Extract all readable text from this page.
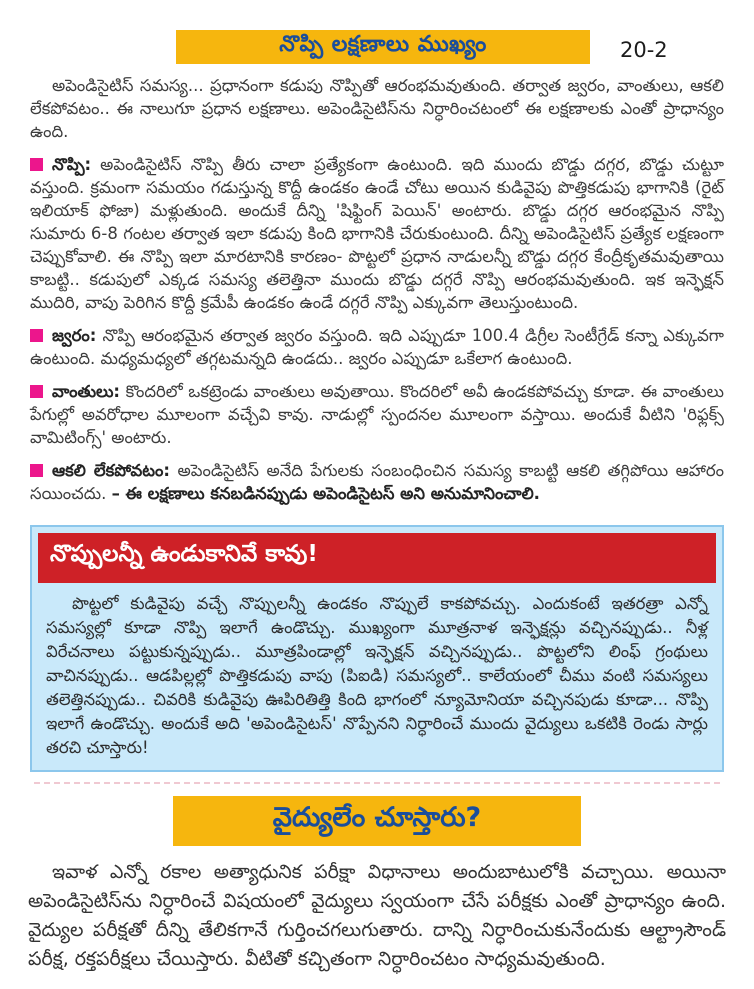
నొప్పి లక్షణాలు ముఖ్యం	20-2

అపెండిసైటిస్ సమస్య... ప్రధానంగా కడుపు నొప్పితో ఆరంభమవుతుంది. తర్వాత జ్వరం, వాంతులు, ఆకలి లేకపోవటం.. ఈ నాలుగూ ప్రధాన లక్షణాలు. అపెండిసైటిస్‌ను నిర్ధారించటంలో ఈ లక్షణాలకు ఎంతో ప్రాధాన్యం ఉంది.

నొప్పి: అపెండిసైటిస్ నొప్పి తీరు చాలా ప్రత్యేకంగా ఉంటుంది. ఇది ముందు బొడ్డు దగ్గర, బొడ్డు చుట్టూ వస్తుంది. క్రమంగా సమయం గడుస్తున్న కొద్దీ ఉండకం ఉండే చోటు అయిన కుడివైపు పొత్తికడుపు భాగానికి (రైట్ ఇలియాక్ ఫోజా) మళ్లుతుంది. అందుకే దీన్ని 'షిఫ్టింగ్ పెయిన్' అంటారు. బొడ్డు దగ్గర ఆరంభమైన నొప్పి సుమారు 6-8 గంటల తర్వాత ఇలా కడుపు కింది భాగానికి చేరుకుంటుంది. దీన్ని అపెండిసైటిస్ ప్రత్యేక లక్షణంగా చెప్పుకోవాలి. ఈ నొప్పి ఇలా మారటానికి కారణం- పొట్టలో ప్రధాన నాడులన్నీ బొడ్డు దగ్గర కేంద్రీకృతమవుతాయి కాబట్టి.. కడుపులో ఎక్కడ సమస్య తలెత్తినా ముందు బొడ్డు దగ్గరే నొప్పి ఆరంభమవుతుంది. ఇక ఇన్ఫెక్షన్ ముదిరి, వాపు పెరిగిన కొద్దీ క్రమేపీ ఉండకం ఉండే దగ్గరే నొప్పి ఎక్కువగా తెలుస్తుంటుంది.

జ్వరం: నొప్పి ఆరంభమైన తర్వాత జ్వరం వస్తుంది. ఇది ఎప్పుడూ 100.4 డిగ్రీల సెంటీగ్రేడ్ కన్నా ఎక్కువగా ఉంటుంది. మధ్యమధ్యలో తగ్గటమన్నది ఉండదు.. జ్వరం ఎప్పుడూ ఒకేలాగ ఉంటుంది.

వాంతులు: కొందరిలో ఒకట్రెండు వాంతులు అవుతాయి. కొందరిలో అవీ ఉండకపోవచ్చు కూడా. ఈ వాంతులు పేగుల్లో అవరోధాల మూలంగా వచ్చేవి కావు. నాడుల్లో స్పందనల మూలంగా వస్తాయి. అందుకే వీటిని 'రిఫ్లక్స్ వామిటింగ్స్' అంటారు.

ఆకలి లేకపోవటం: అపెండిసైటిస్ అనేది పేగులకు సంబంధించిన సమస్య కాబట్టి ఆకలి తగ్గిపోయి ఆహారం సయించదు. – ఈ లక్షణాలు కనబడినప్పుడు అపెండిసైటస్ అని అనుమానించాలి.

నొప్పులన్నీ ఉండుకానివే కావు!

పొట్టలో కుడివైపు వచ్చే నొప్పులన్నీ ఉండకం నొప్పులే కాకపోవచ్చు. ఎందుకంటే ఇతరత్రా ఎన్నో సమస్యల్లో కూడా నొప్పి ఇలాగే ఉండొచ్చు. ముఖ్యంగా మూత్రనాళ ఇన్ఫెక్షన్లు వచ్చినప్పుడు.. నీళ్ల విరేచనాలు పట్టుకున్నప్పుడు.. మూత్రపిండాల్లో ఇన్ఫెక్షన్ వచ్చినప్పుడు.. పొట్టలోని లింఫ్ గ్రంథులు వాచినప్పుడు.. ఆడపిల్లల్లో పొత్తికడుపు వాపు (పిఐడి) సమస్యలో.. కాలేయంలో చీము వంటి సమస్యలు తలెత్తినప్పుడు.. చివరికి కుడివైపు ఊపిరితిత్తి కింది భాగంలో న్యూమోనియా వచ్చినపుడు కూడా... నొప్పి ఇలాగే ఉండొచ్చు. అందుకే అది 'అపెండిసైటస్' నొప్పేనని నిర్ధారించే ముందు వైద్యులు ఒకటికి రెండు సార్లు తరచి చూస్తారు!

వైద్యులేం చూస్తారు?

ఇవాళ ఎన్నో రకాల అత్యాధునిక పరీక్షా విధానాలు అందుబాటులోకి వచ్చాయి. అయినా అపెండిసైటిస్‌ను నిర్ధారించే విషయంలో వైద్యులు స్వయంగా చేసే పరీక్షకు ఎంతో ప్రాధాన్యం ఉంది. వైద్యుల పరీక్షతో దీన్ని తేలికగానే గుర్తించగలుగుతారు. దాన్ని నిర్ధారించుకునేందుకు ఆల్ట్రాసౌండ్ పరీక్ష, రక్తపరీక్షలు చేయిస్తారు. వీటితో కచ్చితంగా నిర్ధారించటం సాధ్యమవుతుంది.
